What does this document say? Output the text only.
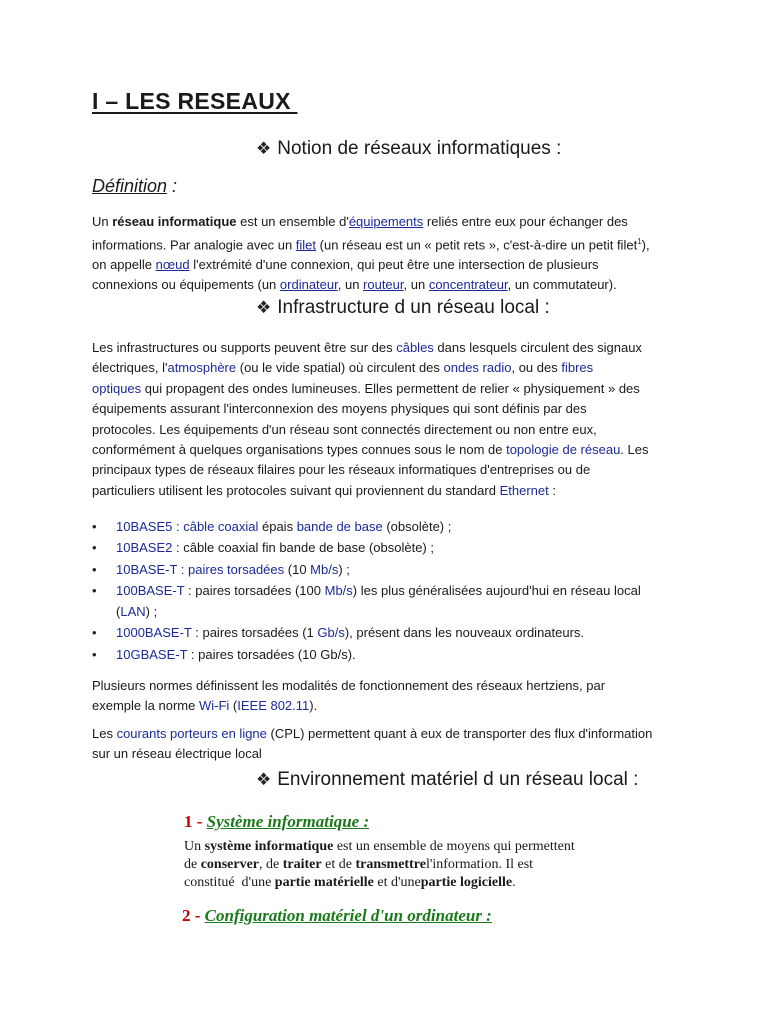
I – LES RESEAUX
❖ Notion de réseaux informatiques :
Définition :
Un réseau informatique est un ensemble d'équipements reliés entre eux pour échanger des
informations. Par analogie avec un filet (un réseau est un « petit rets », c'est-à-dire un petit filet$^1$),
on appelle nœud l'extrémité d'une connexion, qui peut être une intersection de plusieurs
connexions ou équipements (un ordinateur, un routeur, un concentrateur, un commutateur).
❖ Infrastructure d un réseau local :
Les infrastructures ou supports peuvent être sur des câbles dans lesquels circulent des signaux
électriques, l'atmosphère (ou le vide spatial) où circulent des ondes radio, ou des fibres
optiques qui propagent des ondes lumineuses. Elles permettent de relier « physiquement » des
équipements assurant l'interconnexion des moyens physiques qui sont définis par des
protocoles. Les équipements d'un réseau sont connectés directement ou non entre eux,
conformément à quelques organisations types connues sous le nom de topologie de réseau. Les
principaux types de réseaux filaires pour les réseaux informatiques d'entreprises ou de
particuliers utilisent les protocoles suivant qui proviennent du standard Ethernet :
• 10BASE5 : câble coaxial épais bande de base (obsolète) ;
• 10BASE2 : câble coaxial fin bande de base (obsolète) ;
• 10BASE-T : paires torsadées (10 Mb/s) ;
• 100BASE-T : paires torsadées (100 Mb/s) les plus généralisées aujourd'hui en réseau local
(LAN) ;
• 1000BASE-T : paires torsadées (1 Gb/s), présent dans les nouveaux ordinateurs.
• 10GBASE-T : paires torsadées (10 Gb/s).
Plusieurs normes définissent les modalités de fonctionnement des réseaux hertziens, par
exemple la norme Wi-Fi (IEEE 802.11).
Les courants porteurs en ligne (CPL) permettent quant à eux de transporter des flux d'information
sur un réseau électrique local
❖ Environnement matériel d un réseau local :
1 - Système informatique :
Un système informatique est un ensemble de moyens qui permettent
de conserver, de traiter et de transmettrel'information. Il est
constitué  d'une partie matérielle et d'unepartie logicielle.
2 - Configuration matériel d'un ordinateur :
